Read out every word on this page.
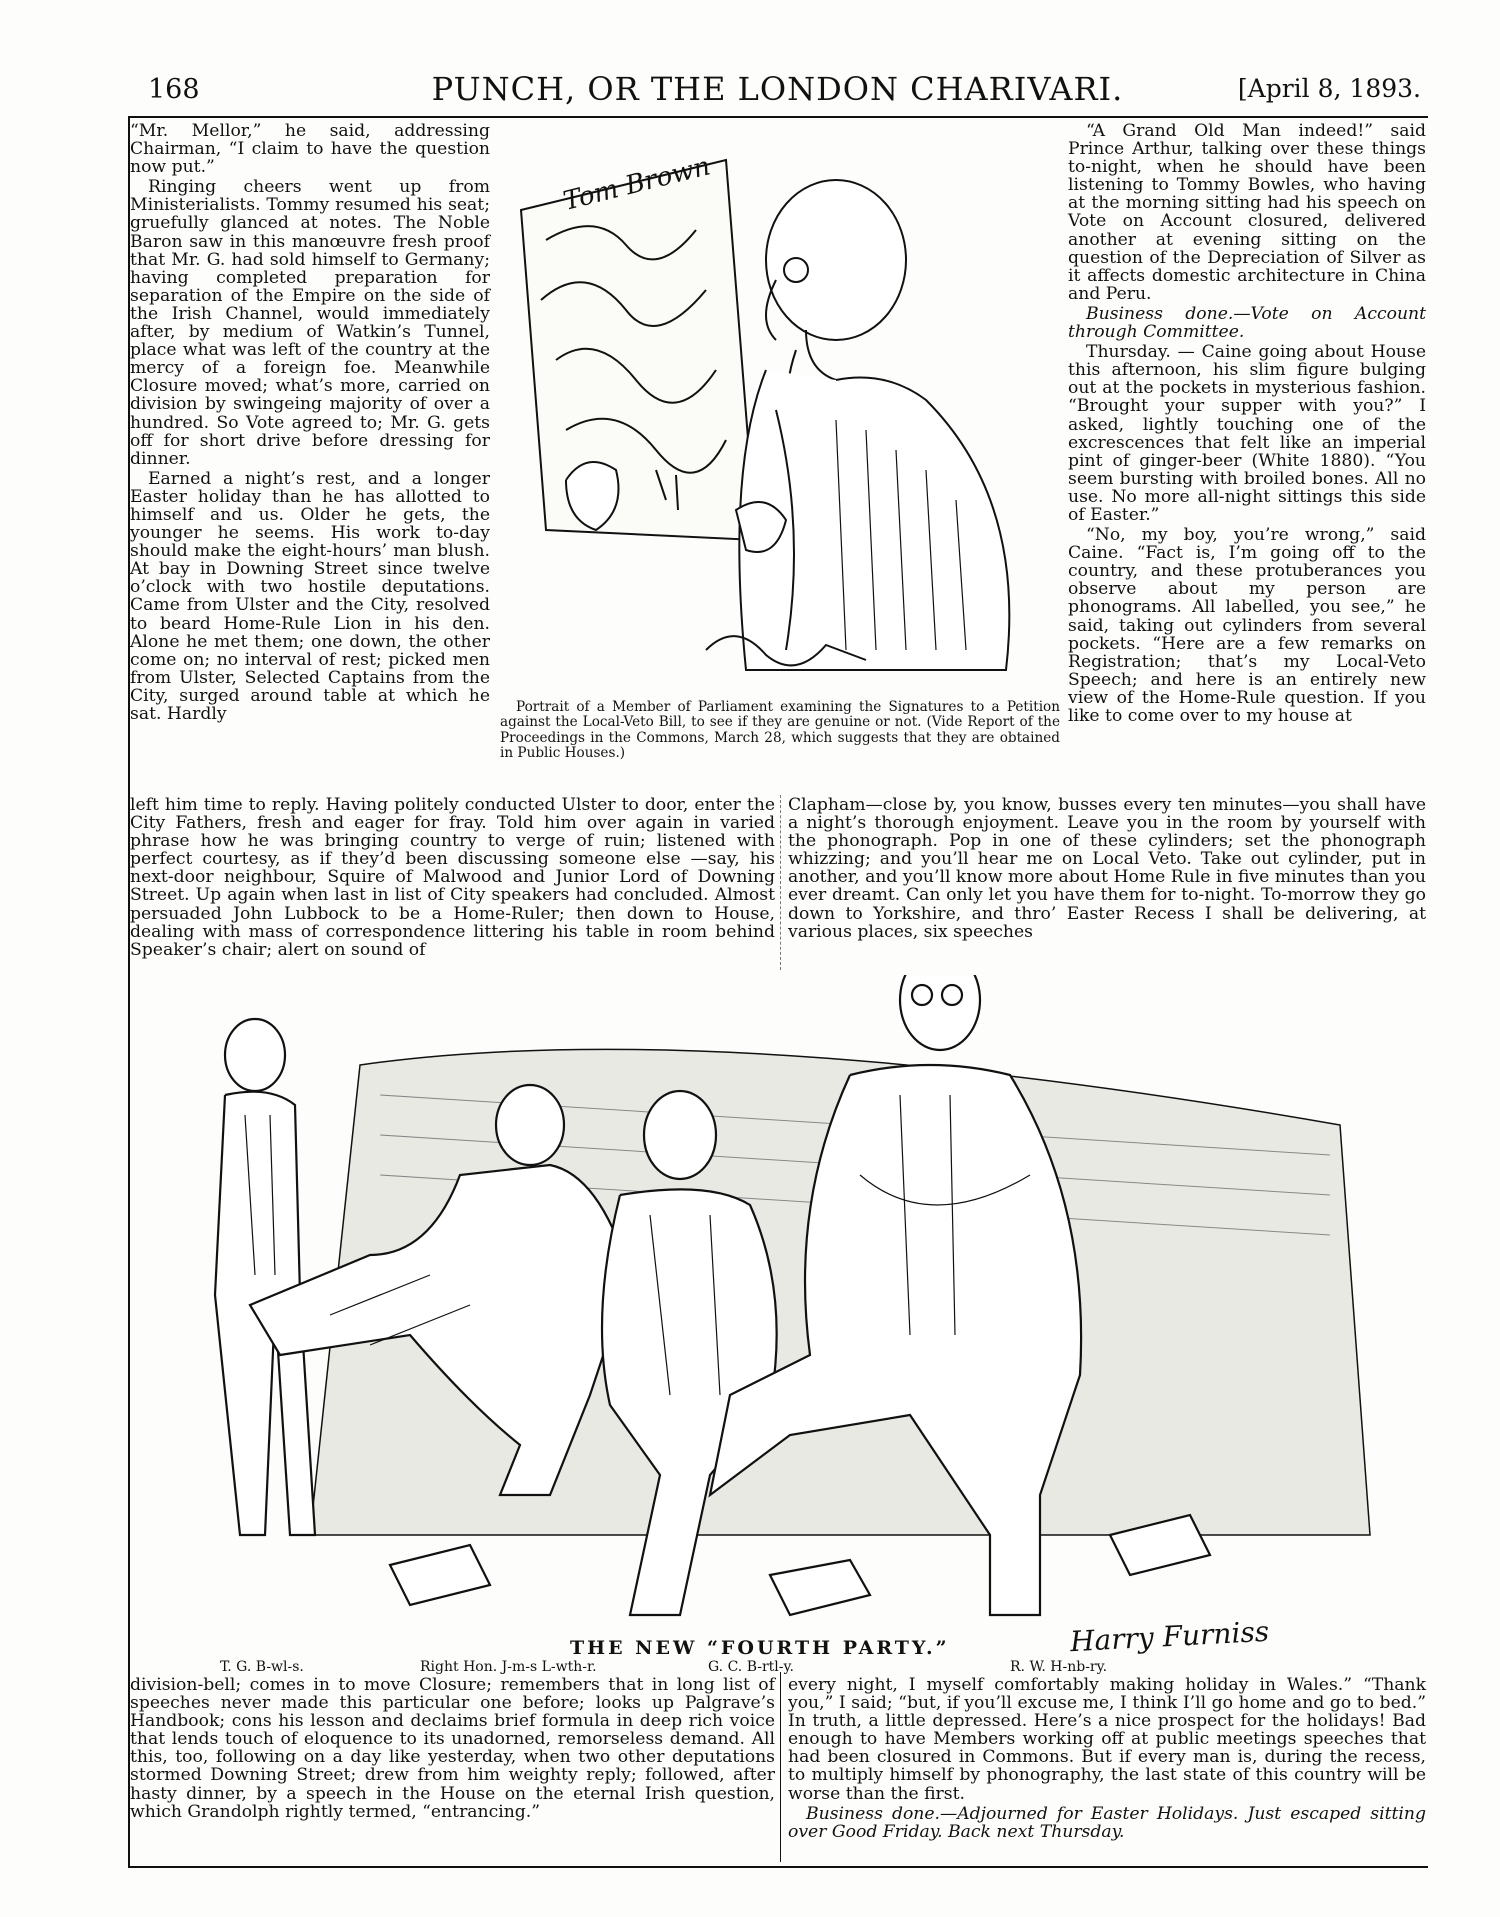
168	PUNCH, OR THE LONDON CHARIVARI.	[April 8, 1893.

“Mr. Mellor,” he said, addressing Chairman, “I claim to have the question now put.”

Ringing cheers went up from Ministerialists. Tommy resumed his seat; gruefully glanced at notes. The Noble Baron saw in this manœuvre fresh proof that Mr. G. had sold himself to Germany; having completed preparation for separation of the Empire on the side of the Irish Channel, would immediately after, by medium of Watkin’s Tunnel, place what was left of the country at the mercy of a foreign foe. Meanwhile Closure moved; what’s more, carried on division by swingeing majority of over a hundred. So Vote agreed to; Mr. G. gets off for short drive before dressing for dinner.

Earned a night’s rest, and a longer Easter holiday than he has allotted to himself and us. Older he gets, the younger he seems. His work to-day should make the eight-hours’ man blush. At bay in Downing Street since twelve o’clock with two hostile deputations. Came from Ulster and the City, resolved to beard Home-Rule Lion in his den. Alone he met them; one down, the other come on; no interval of rest; picked men from Ulster, Selected Captains from the City, surged around table at which he sat. Hardly

Tom Brown

“A Grand Old Man indeed!” said Prince Arthur, talking over these things to-night, when he should have been listening to Tommy Bowles, who having at the morning sitting had his speech on Vote on Account closured, delivered another at evening sitting on the question of the Depreciation of Silver as it affects domestic architecture in China and Peru.

Business done.—Vote on Account through Committee.

Thursday. — Caine going about House this afternoon, his slim figure bulging out at the pockets in mysterious fashion. “Brought your supper with you?” I asked, lightly touching one of the excrescences that felt like an imperial pint of ginger-beer (White 1880). “You seem bursting with broiled bones. All no use. No more all-night sittings this side of Easter.”

“No, my boy, you’re wrong,” said Caine. “Fact is, I’m going off to the country, and these protuberances you observe about my person are phonograms. All labelled, you see,” he said, taking out cylinders from several pockets. “Here are a few remarks on Registration; that’s my Local-Veto Speech; and here is an entirely new view of the Home-Rule question. If you like to come over to my house at

Portrait of a Member of Parliament examining the Signatures to a Petition against the Local-Veto Bill, to see if they are genuine or not. (Vide Report of the Proceedings in the Commons, March 28, which suggests that they are obtained in Public Houses.)

left him time to reply. Having politely conducted Ulster to door, enter the City Fathers, fresh and eager for fray. Told him over again in varied phrase how he was bringing country to verge of ruin; listened with perfect courtesy, as if they’d been discussing someone else —say, his next-door neighbour, Squire of Malwood and Junior Lord of Downing Street. Up again when last in list of City speakers had concluded. Almost persuaded John Lubbock to be a Home-Ruler; then down to House, dealing with mass of correspondence littering his table in room behind Speaker’s chair; alert on sound of

Clapham—close by, you know, busses every ten minutes—you shall have a night’s thorough enjoyment. Leave you in the room by yourself with the phonograph. Pop in one of these cylinders; set the phonograph whizzing; and you’ll hear me on Local Veto. Take out cylinder, put in another, and you’ll know more about Home Rule in five minutes than you ever dreamt. Can only let you have them for to-night. To-morrow they go down to Yorkshire, and thro’ Easter Recess I shall be delivering, at various places, six speeches

Harry Furniss
THE NEW “FOURTH PARTY.”
T. G. B-wl-s.	Right Hon. J-m-s L-wth-r.	G. C. B-rtl-y.	R. W. H-nb-ry.

division-bell; comes in to move Closure; remembers that in long list of speeches never made this particular one before; looks up Palgrave’s Handbook; cons his lesson and declaims brief formula in deep rich voice that lends touch of eloquence to its unadorned, remorseless demand. All this, too, following on a day like yesterday, when two other deputations stormed Downing Street; drew from him weighty reply; followed, after hasty dinner, by a speech in the House on the eternal Irish question, which Grandolph rightly termed, “entrancing.”

every night, I myself comfortably making holiday in Wales.” “Thank you,” I said; “but, if you’ll excuse me, I think I’ll go home and go to bed.” In truth, a little depressed. Here’s a nice prospect for the holidays! Bad enough to have Members working off at public meetings speeches that had been closured in Commons. But if every man is, during the recess, to multiply himself by phonography, the last state of this country will be worse than the first.

Business done.—Adjourned for Easter Holidays. Just escaped sitting over Good Friday. Back next Thursday.
